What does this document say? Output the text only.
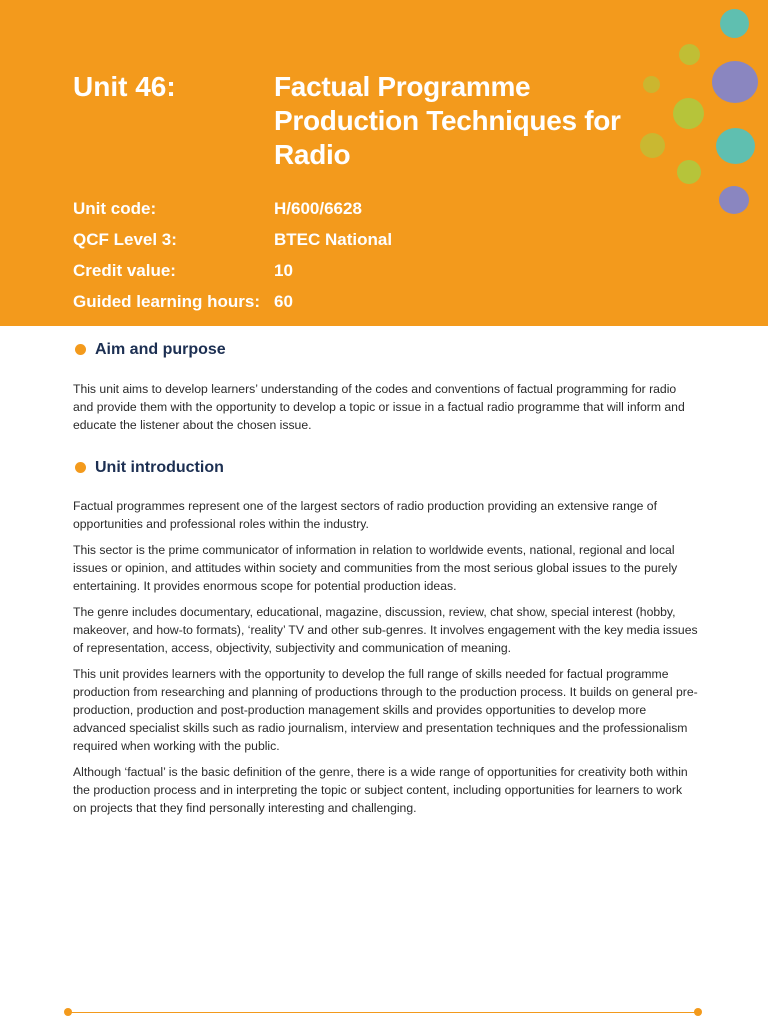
Unit 46:	Factual Programme
Production Techniques for
Radio
Unit code:	H/600/6628
QCF Level 3:	BTEC National
Credit value:	10
Guided learning hours: 60
Aim and purpose

This unit aims to develop learners’ understanding of the codes and conventions of factual programming for radio and provide them with the opportunity to develop a topic or issue in a factual radio programme that will inform and educate the listener about the chosen issue.

Unit introduction

Factual programmes represent one of the largest sectors of radio production providing an extensive range of opportunities and professional roles within the industry.

This sector is the prime communicator of information in relation to worldwide events, national, regional and local issues or opinion, and attitudes within society and communities from the most serious global issues to the purely entertaining. It provides enormous scope for potential production ideas.

The genre includes documentary, educational, magazine, discussion, review, chat show, special interest (hobby, makeover, and how-to formats), ‘reality’ TV and other sub-genres. It involves engagement with the key media issues of representation, access, objectivity, subjectivity and communication of meaning.

This unit provides learners with the opportunity to develop the full range of skills needed for factual programme production from researching and planning of productions through to the production process. It builds on general pre-production, production and post-production management skills and provides opportunities to develop more advanced specialist skills such as radio journalism, interview and presentation techniques and the professionalism required when working with the public.

Although ‘factual’ is the basic definition of the genre, there is a wide range of opportunities for creativity both within the production process and in interpreting the topic or subject content, including opportunities for learners to work on projects that they find personally interesting and challenging.
